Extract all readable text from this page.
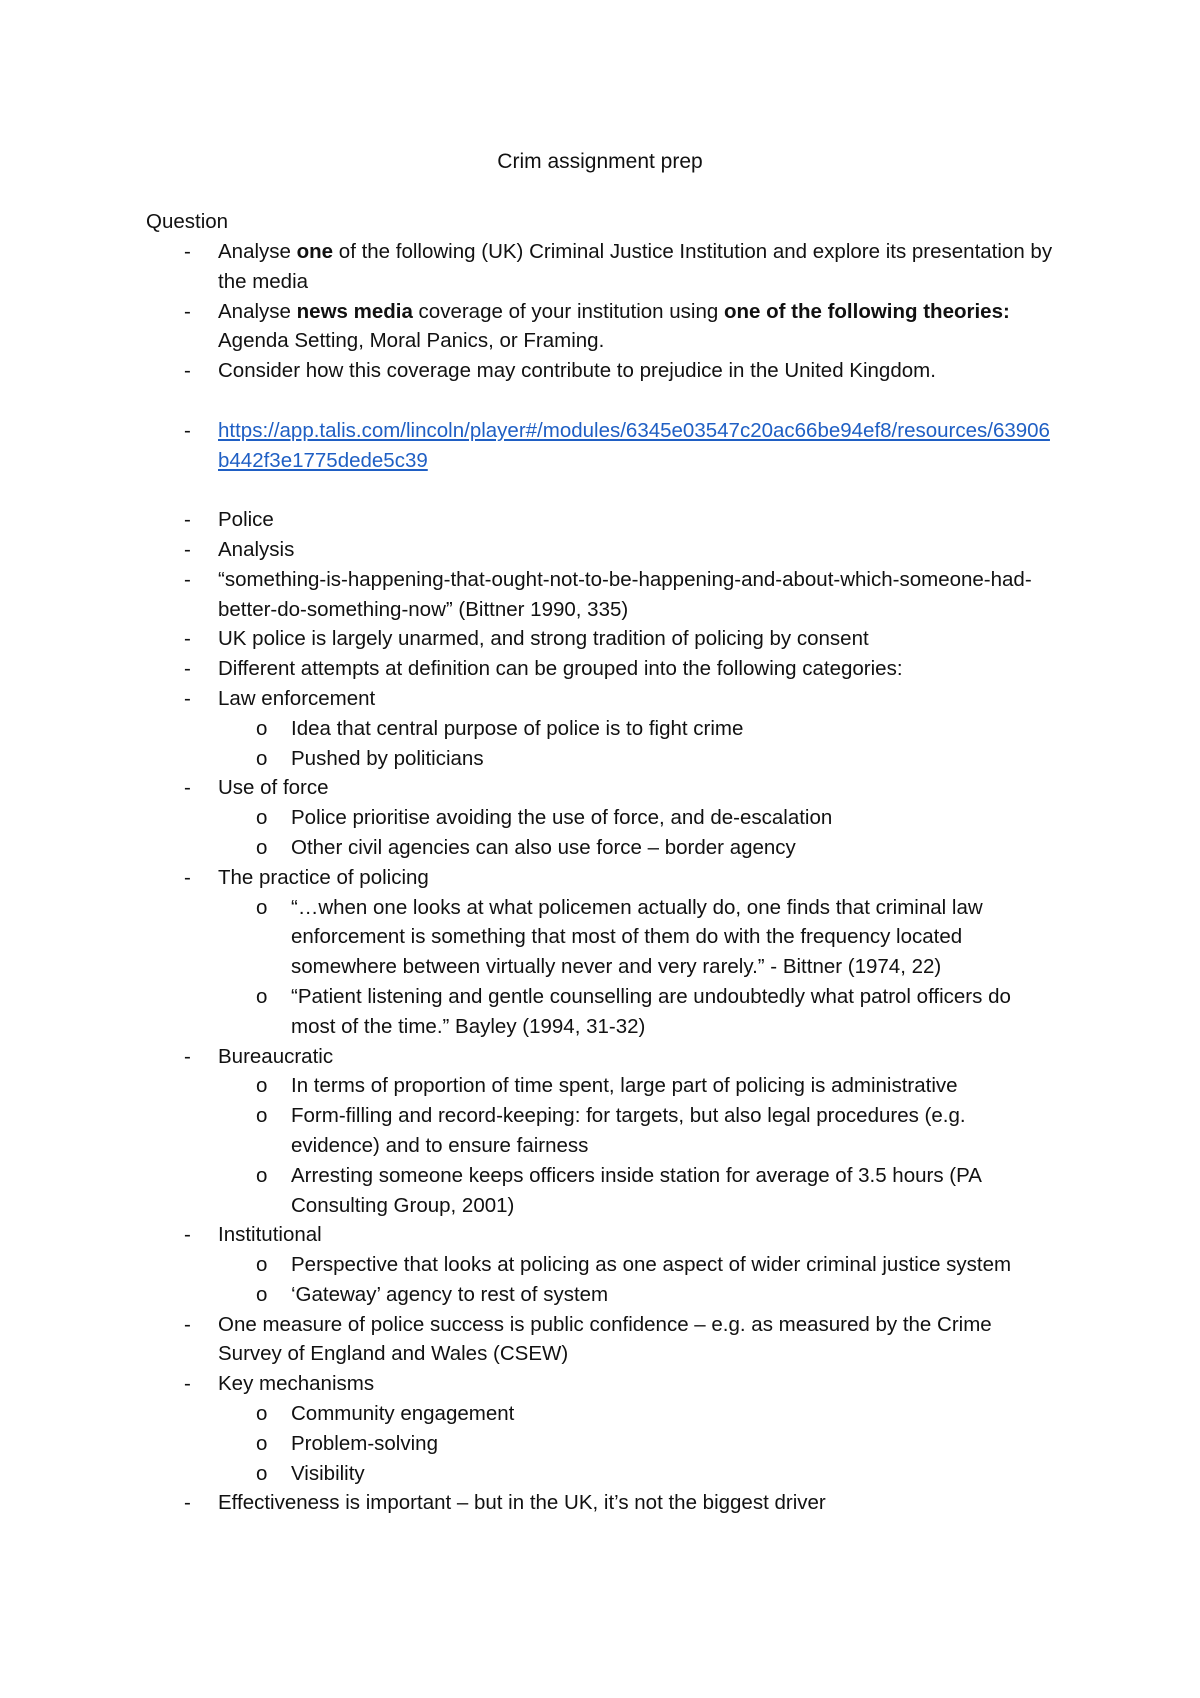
Crim assignment prep
Question
- Analyse one of the following (UK) Criminal Justice Institution and explore its presentation by the media
- Analyse news media coverage of your institution using one of the following theories: Agenda Setting, Moral Panics, or Framing.
- Consider how this coverage may contribute to prejudice in the United Kingdom.
- https://app.talis.com/lincoln/player#/modules/6345e03547c20ac66be94ef8/resources/63906b442f3e1775dede5c39
- Police
- Analysis
- “something-is-happening-that-ought-not-to-be-happening-and-about-which-someone-had-better-do-something-now” (Bittner 1990, 335)
- UK police is largely unarmed, and strong tradition of policing by consent
- Different attempts at definition can be grouped into the following categories:
- Law enforcement
o Idea that central purpose of police is to fight crime
o Pushed by politicians
- Use of force
o Police prioritise avoiding the use of force, and de-escalation
o Other civil agencies can also use force – border agency
- The practice of policing
o “…when one looks at what policemen actually do, one finds that criminal law enforcement is something that most of them do with the frequency located somewhere between virtually never and very rarely.” - Bittner (1974, 22)
o “Patient listening and gentle counselling are undoubtedly what patrol officers do most of the time.” Bayley (1994, 31-32)
- Bureaucratic
o In terms of proportion of time spent, large part of policing is administrative
o Form-filling and record-keeping: for targets, but also legal procedures (e.g. evidence) and to ensure fairness
o Arresting someone keeps officers inside station for average of 3.5 hours (PA Consulting Group, 2001)
- Institutional
o Perspective that looks at policing as one aspect of wider criminal justice system
o ‘Gateway’ agency to rest of system
- One measure of police success is public confidence – e.g. as measured by the Crime Survey of England and Wales (CSEW)
- Key mechanisms
o Community engagement
o Problem-solving
o Visibility
- Effectiveness is important – but in the UK, it’s not the biggest driver
